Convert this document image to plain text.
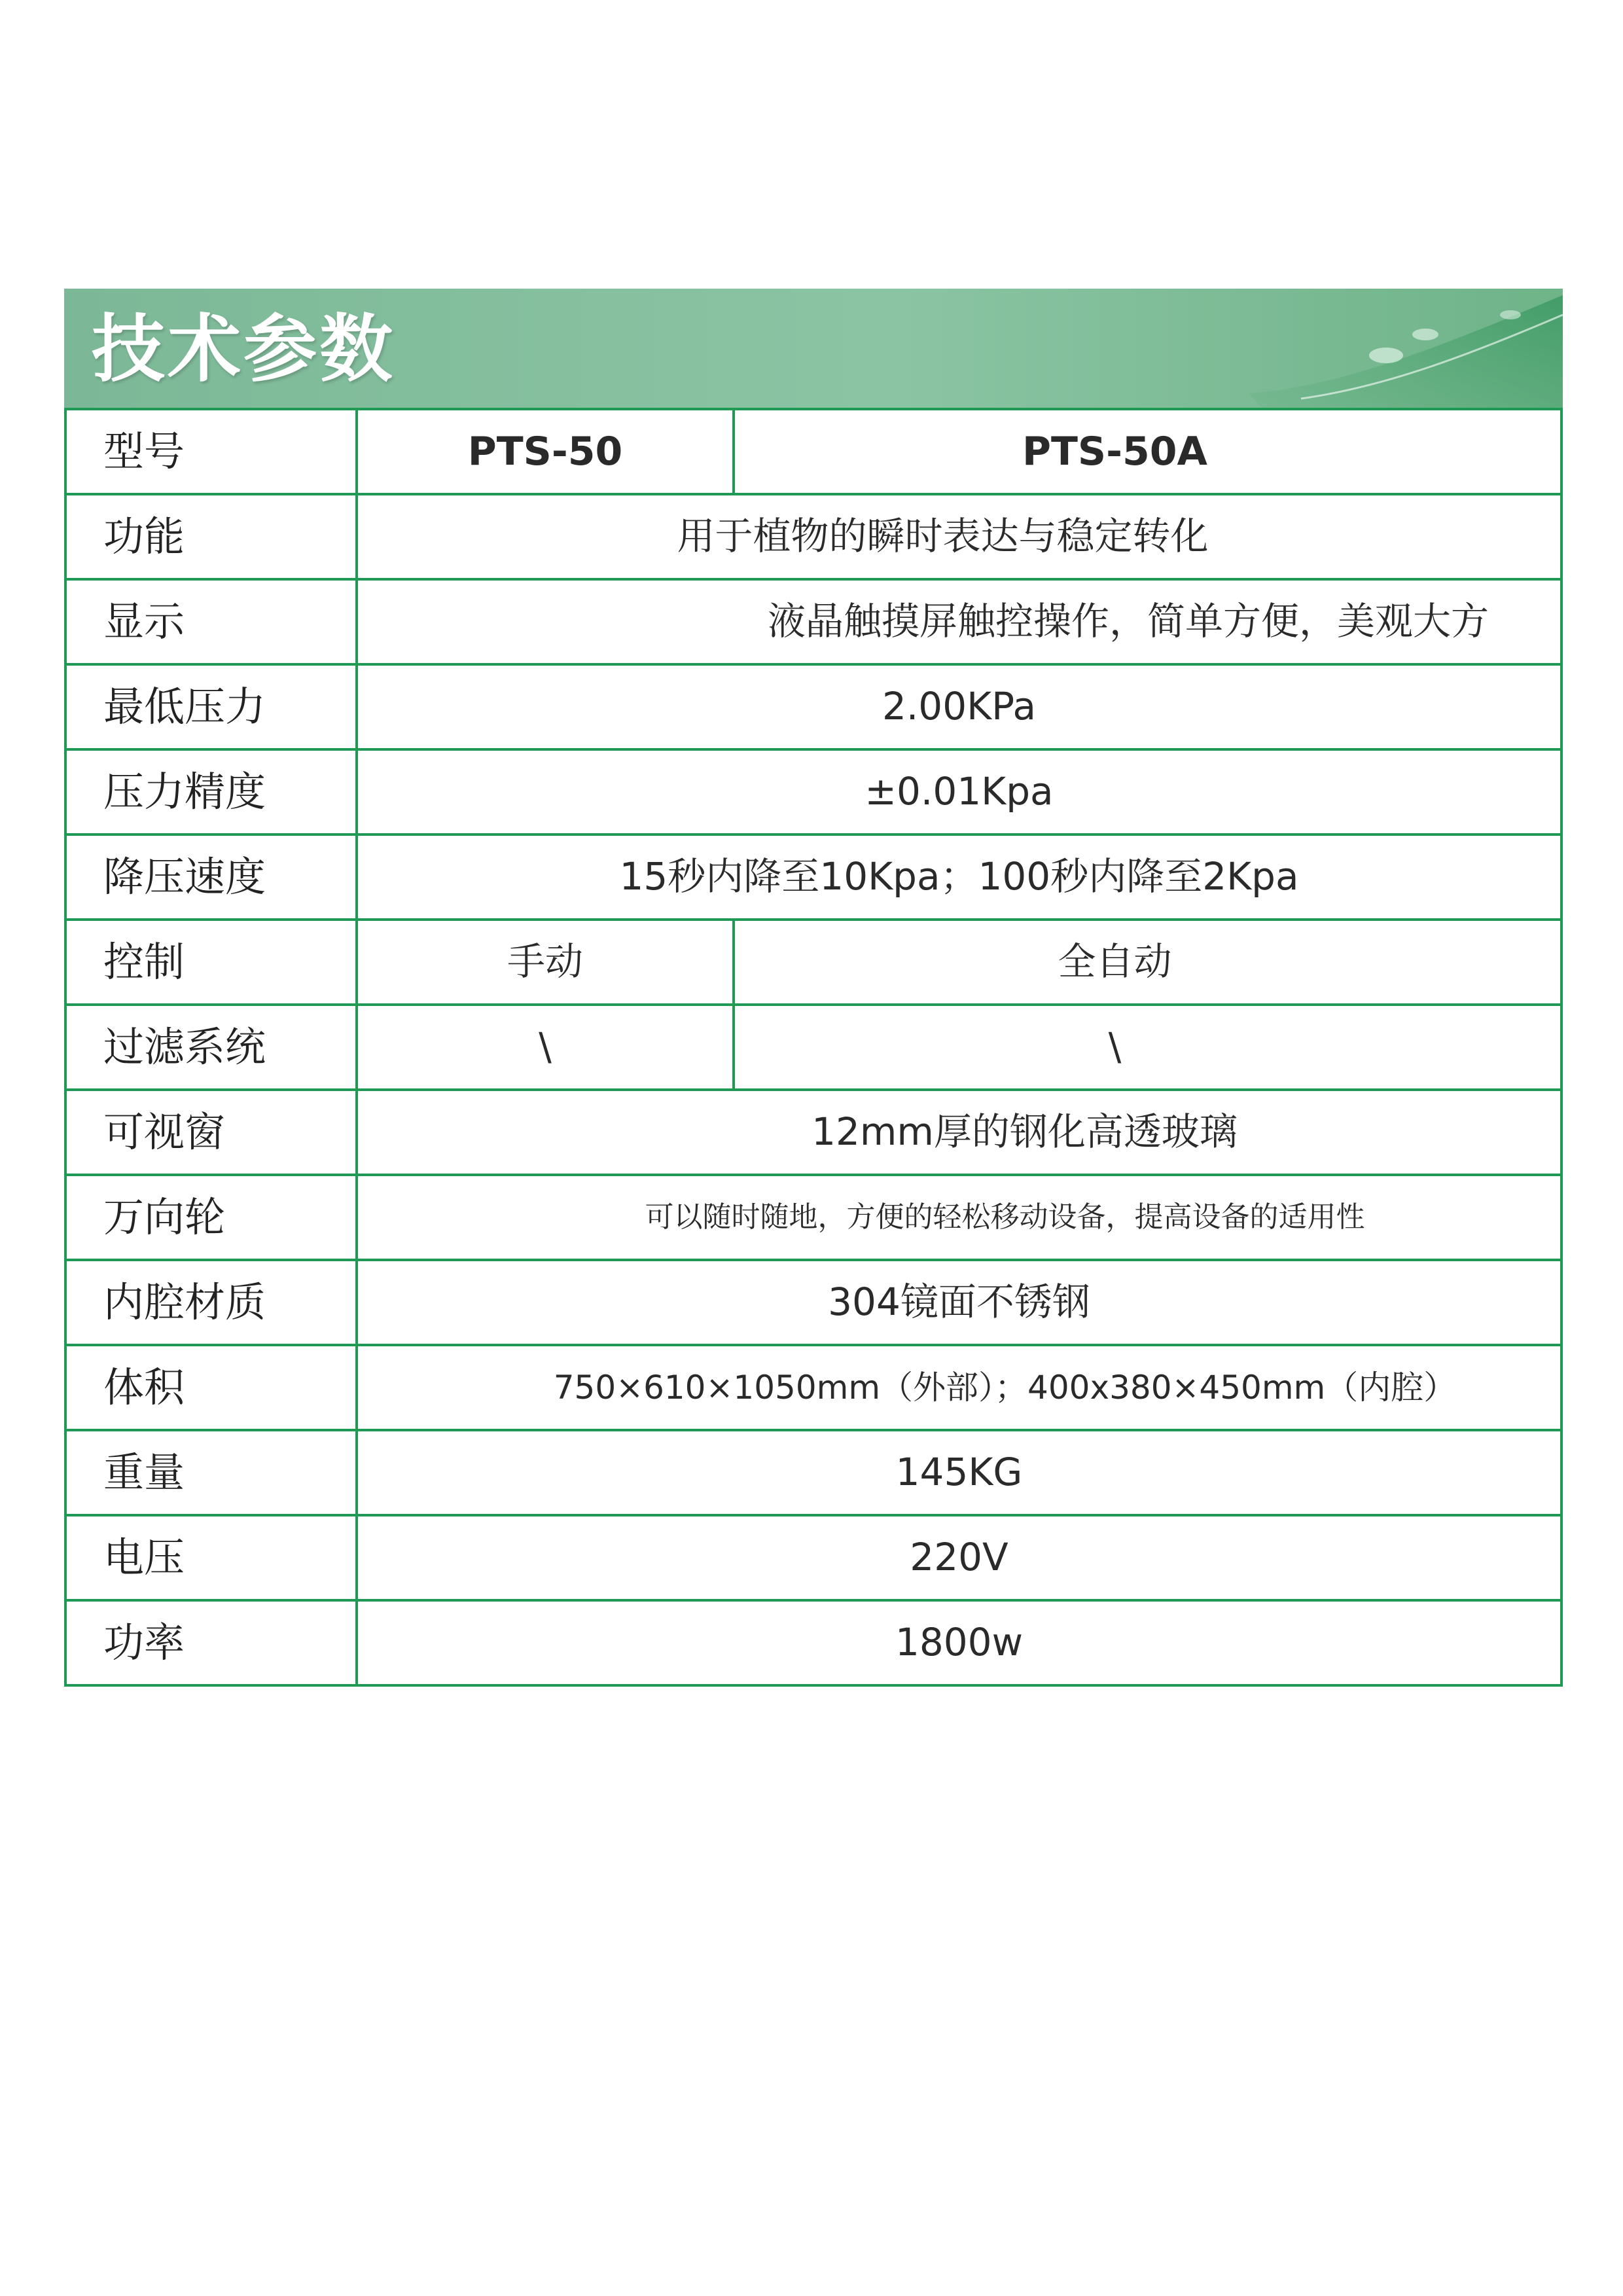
技术参数
型号	PTS-50	PTS-50A
功能	用于植物的瞬时表达与稳定转化	
显示	液晶触摸屏触控操作，简单方便，美观大方	
最低压力	2.00KPa	
压力精度	±0.01Kpa	
降压速度	15秒内降至10Kpa；100秒内降至2Kpa	
控制	手动	全自动
过滤系统	\	\
可视窗	12mm厚的钢化高透玻璃	
万向轮	可以随时随地，方便的轻松移动设备，提高设备的适用性	
内腔材质	304镜面不锈钢	
体积	750×610×1050mm（外部）；400x380×450mm（内腔）	
重量	145KG	
电压	220V	
功率	1800w	
